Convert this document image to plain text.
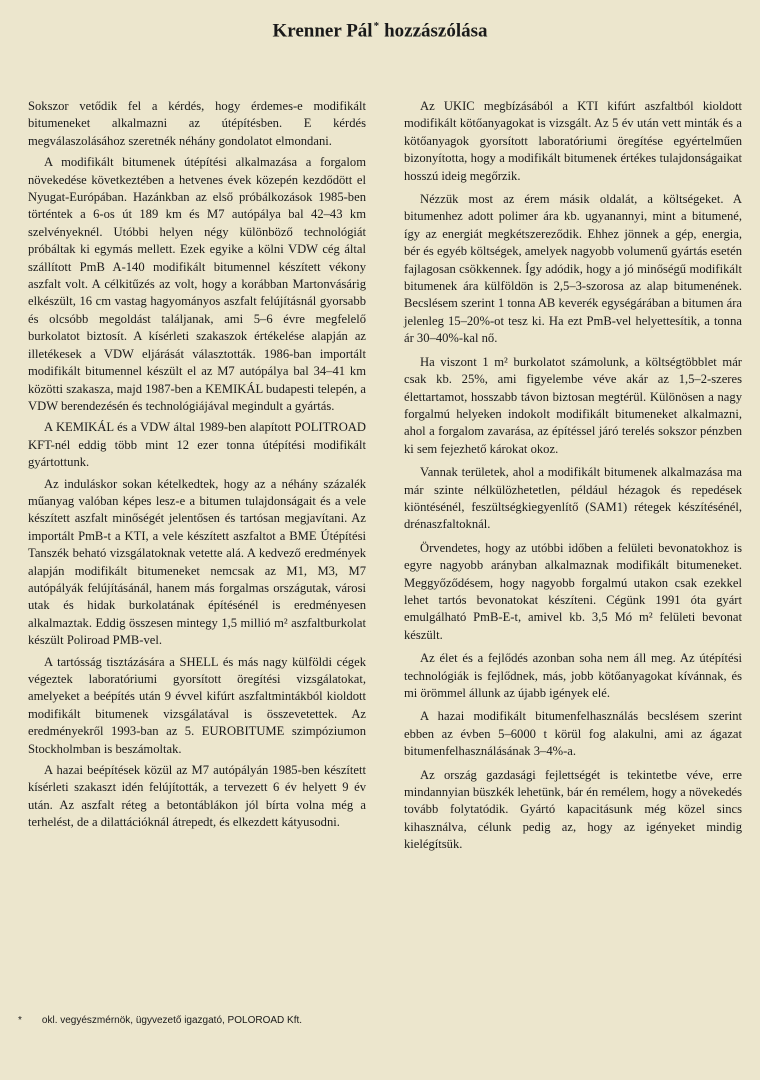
Krenner Pál* hozzászólása

Sokszor vetődik fel a kérdés, hogy érdemes-e modifikált bitumeneket alkalmazni az útépítésben. E kérdés megválaszolásához szeretnék néhány gondolatot elmondani.

A modifikált bitumenek útépítési alkalmazása a forgalom növekedése következtében a hetvenes évek közepén kezdődött el Nyugat-Európában. Hazánkban az első próbálkozások 1985-ben történtek a 6-os út 189 km és M7 autópálya bal 42–43 km szelvényeknél. Utóbbi helyen négy különböző technológiát próbáltak ki egymás mellett. Ezek egyike a kölni VDW cég által szállított PmB A-140 modifikált bitumennel készített vékony aszfalt volt. A célkitűzés az volt, hogy a korábban Martonvásárig elkészült, 16 cm vastag hagyományos aszfalt felújításnál gyorsabb és olcsóbb megoldást találjanak, ami 5–6 évre megfelelő burkolatot biztosít. A kísérleti szakaszok értékelése alapján az illetékesek a VDW eljárását választották. 1986-ban importált modifikált bitumennel készült el az M7 autópálya bal 34–41 km közötti szakasza, majd 1987-ben a KEMIKÁL budapesti telepén, a VDW berendezésén és technológiájával megindult a gyártás.

A KEMIKÁL és a VDW által 1989-ben alapított POLITROAD KFT-nél eddig több mint 12 ezer tonna útépítési modifikált gyártottunk.

Az induláskor sokan kételkedtek, hogy az a néhány százalék műanyag valóban képes lesz-e a bitumen tulajdonságait és a vele készített aszfalt minőségét jelentősen és tartósan megjavítani. Az importált PmB-t a KTI, a vele készített aszfaltot a BME Útépítési Tanszék beható vizsgálatoknak vetette alá. A kedvező eredmények alapján modifikált bitumeneket nemcsak az M1, M3, M7 autópályák felújításánál, hanem más forgalmas országutak, városi utak és hidak burkolatának építésénél is eredményesen alkalmaztak. Eddig összesen mintegy 1,5 millió m² aszfaltburkolat készült Poliroad PMB-vel.

A tartósság tisztázására a SHELL és más nagy külföldi cégek végeztek laboratóriumi gyorsított öregítési vizsgálatokat, amelyeket a beépítés után 9 évvel kifúrt aszfaltmintákból kioldott modifikált bitumenek vizsgálatával is összevetettek. Az eredményekről 1993-ban az 5. EUROBITUME szimpóziumon Stockholmban is beszámoltak.

A hazai beépítések közül az M7 autópályán 1985-ben készített kísérleti szakaszt idén felújították, a tervezett 6 év helyett 9 év után. Az aszfalt réteg a betontáblákon jól bírta volna még a terhelést, de a dilattációknál átrepedt, és elkezdett kátyusodni.

Az UKIC megbízásából a KTI kifúrt aszfaltból kioldott modifikált kötőanyagokat is vizsgált. Az 5 év után vett minták és a kötőanyagok gyorsított laboratóriumi öregítése egyértelműen bizonyította, hogy a modifikált bitumenek értékes tulajdonságaikat hosszú ideig megőrzik.

Nézzük most az érem másik oldalát, a költségeket. A bitumenhez adott polimer ára kb. ugyanannyi, mint a bitumené, így az energiát megkétszereződik. Ehhez jönnek a gép, energia, bér és egyéb költségek, amelyek nagyobb volumenű gyártás esetén fajlagosan csökkennek. Így adódik, hogy a jó minőségű modifikált bitumenek ára külföldön is 2,5–3-szorosa az alap bitumenének. Becslésem szerint 1 tonna AB keverék egységárában a bitumen ára jelenleg 15–20%-ot tesz ki. Ha ezt PmB-vel helyettesítik, a tonna ár 30–40%-kal nő.

Ha viszont 1 m² burkolatot számolunk, a költségtöbblet már csak kb. 25%, ami figyelembe véve akár az 1,5–2-szeres élettartamot, hosszabb távon biztosan megtérül. Különösen a nagy forgalmú helyeken indokolt modifikált bitumeneket alkalmazni, ahol a forgalom zavarása, az építéssel járó terelés sokszor pénzben ki sem fejezhető károkat okoz.

Vannak területek, ahol a modifikált bitumenek alkalmazása ma már szinte nélkülözhetetlen, például hézagok és repedések kiöntésénél, feszültségkiegyenlítő (SAM1) rétegek készítésénél, drénaszfaltoknál.

Örvendetes, hogy az utóbbi időben a felületi bevonatokhoz is egyre nagyobb arányban alkalmaznak modifikált bitumeneket. Meggyőződésem, hogy nagyobb forgalmú utakon csak ezekkel lehet tartós bevonatokat készíteni. Cégünk 1991 óta gyárt emulgálható PmB-E-t, amivel kb. 3,5 Mó m² felületi bevonat készült.

Az élet és a fejlődés azonban soha nem áll meg. Az útépítési technológiák is fejlődnek, más, jobb kötőanyagokat kívánnak, és mi örömmel állunk az újabb igények elé.

A hazai modifikált bitumenfelhasználás becslésem szerint ebben az évben 5–6000 t körül fog alakulni, ami az ágazat bitumenfelhasználásának 3–4%-a.

Az ország gazdasági fejlettségét is tekintetbe véve, erre mindannyian büszkék lehetünk, bár én remélem, hogy a növekedés tovább folytatódik. Gyártó kapacitásunk még közel sincs kihasználva, célunk pedig az, hogy az igényeket mindig kielégítsük.

* okl. vegyészmérnök, ügyvezető igazgató, POLOROAD Kft.
